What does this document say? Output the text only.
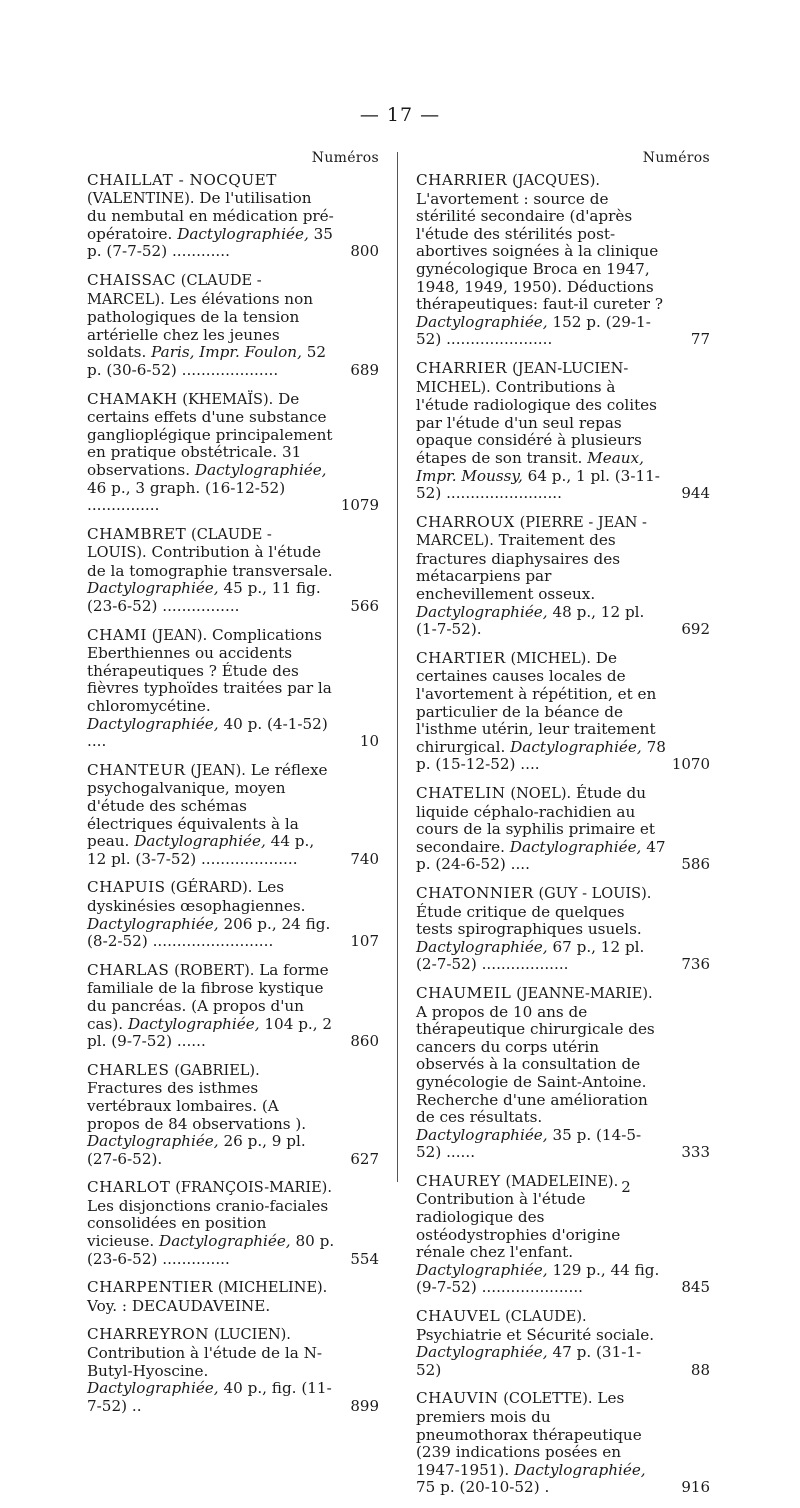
— 17 —
Numéros
CHAILLAT - NOCQUET (VALENTINE). De l'utilisation du nembutal en médication pré-opératoire. Dactylographiée, 35 p. (7-7-52) ............	800
CHAISSAC (CLAUDE - MARCEL). Les élévations non pathologiques de la tension artérielle chez les jeunes soldats. Paris, Impr. Foulon, 52 p. (30-6-52) ....................	689
CHAMAKH (KHEMAÏS). De certains effets d'une substance ganglioplégique principalement en pratique obstétricale. 31 observations. Dactylographiée, 46 p., 3 graph. (16-12-52) ...............	1079
CHAMBRET (CLAUDE - LOUIS). Contribution à l'étude de la tomographie transversale. Dactylographiée, 45 p., 11 fig. (23-6-52) ................	566
CHAMI (JEAN). Complications Eberthiennes ou accidents thérapeutiques ? Étude des fièvres typhoïdes traitées par la chloromycétine. Dactylographiée, 40 p. (4-1-52) ....	10
CHANTEUR (JEAN). Le réflexe psychogalvanique, moyen d'étude des schémas électriques équivalents à la peau. Dactylographiée, 44 p., 12 pl. (3-7-52) ....................	740
CHAPUIS (GÉRARD). Les dyskinésies œsophagiennes. Dactylographiée, 206 p., 24 fig. (8-2-52) .........................	107
CHARLAS (ROBERT). La forme familiale de la fibrose kystique du pancréas. (A propos d'un cas). Dactylographiée, 104 p., 2 pl. (9-7-52) ......	860
CHARLES (GABRIEL). Fractures des isthmes vertébraux lombaires. (A propos de 84 observations ). Dactylographiée, 26 p., 9 pl. (27-6-52).	627
CHARLOT (FRANÇOIS-MARIE). Les disjonctions cranio-faciales consolidées en position vicieuse. Dactylographiée, 80 p. (23-6-52) ..............	554
CHARPENTIER (MICHELINE). Voy. : DECAUDAVEINE.
CHARREYRON (LUCIEN). Contribution à l'étude de la N-Butyl-Hyoscine. Dactylographiée, 40 p., fig. (11-7-52) ..	899
Numéros
CHARRIER (JACQUES). L'avortement : source de stérilité secondaire (d'après l'étude des stérilités post-abortives soignées à la clinique gynécologique Broca en 1947, 1948, 1949, 1950). Déductions thérapeutiques: faut-il cureter ? Dactylographiée, 152 p. (29-1-52) ......................	77
CHARRIER (JEAN-LUCIEN-MICHEL). Contributions à l'étude radiologique des colites par l'étude d'un seul repas opaque considéré à plusieurs étapes de son transit. Meaux, Impr. Moussy, 64 p., 1 pl. (3-11-52) ........................	944
CHARROUX (PIERRE - JEAN - MARCEL). Traitement des fractures diaphysaires des métacarpiens par enchevillement osseux. Dactylographiée, 48 p., 12 pl. (1-7-52).	692
CHARTIER (MICHEL). De certaines causes locales de l'avortement à répétition, et en particulier de la béance de l'isthme utérin, leur traitement chirurgical. Dactylographiée, 78 p. (15-12-52) ....	1070
CHATELIN (NOEL). Étude du liquide céphalo-rachidien au cours de la syphilis primaire et secondaire. Dactylographiée, 47 p. (24-6-52) ....	586
CHATONNIER (GUY - LOUIS). Étude critique de quelques tests spirographiques usuels. Dactylographiée, 67 p., 12 pl. (2-7-52) ..................	736
CHAUMEIL (JEANNE-MARIE). A propos de 10 ans de thérapeutique chirurgicale des cancers du corps utérin observés à la consultation de gynécologie de Saint-Antoine. Recherche d'une amélioration de ces résultats. Dactylographiée, 35 p. (14-5-52) ......	333
CHAUREY (MADELEINE). Contribution à l'étude radiologique des ostéodystrophies d'origine rénale chez l'enfant. Dactylographiée, 129 p., 44 fig. (9-7-52) .....................	845
CHAUVEL (CLAUDE). Psychiatrie et Sécurité sociale. Dactylographiée, 47 p. (31-1-52)	88
CHAUVIN (COLETTE). Les premiers mois du pneumothorax thérapeutique (239 indications posées en 1947-1951). Dactylographiée, 75 p. (20-10-52) .	916
2
